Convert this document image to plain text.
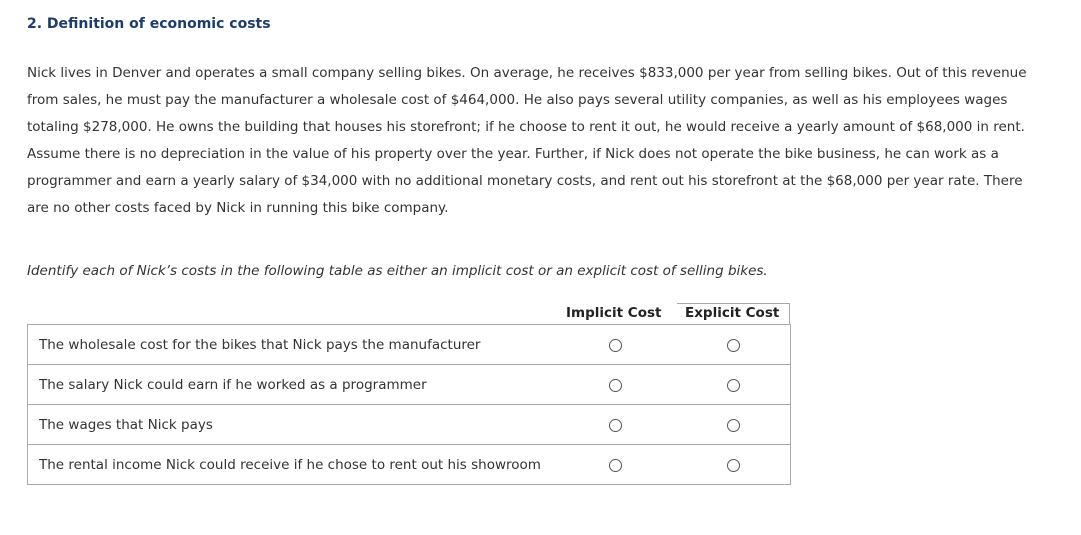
2. Definition of economic costs
Nick lives in Denver and operates a small company selling bikes. On average, he receives $833,000 per year from selling bikes. Out of this revenue
from sales, he must pay the manufacturer a wholesale cost of $464,000. He also pays several utility companies, as well as his employees wages
totaling $278,000. He owns the building that houses his storefront; if he choose to rent it out, he would receive a yearly amount of $68,000 in rent.
Assume there is no depreciation in the value of his property over the year. Further, if Nick does not operate the bike business, he can work as a
programmer and earn a yearly salary of $34,000 with no additional monetary costs, and rent out his storefront at the $68,000 per year rate. There
are no other costs faced by Nick in running this bike company.
Identify each of Nick’s costs in the following table as either an implicit cost or an explicit cost of selling bikes.
Implicit Cost Explicit Cost
The wholesale cost for the bikes that Nick pays the manufacturer
The salary Nick could earn if he worked as a programmer
The wages that Nick pays
The rental income Nick could receive if he chose to rent out his showroom
